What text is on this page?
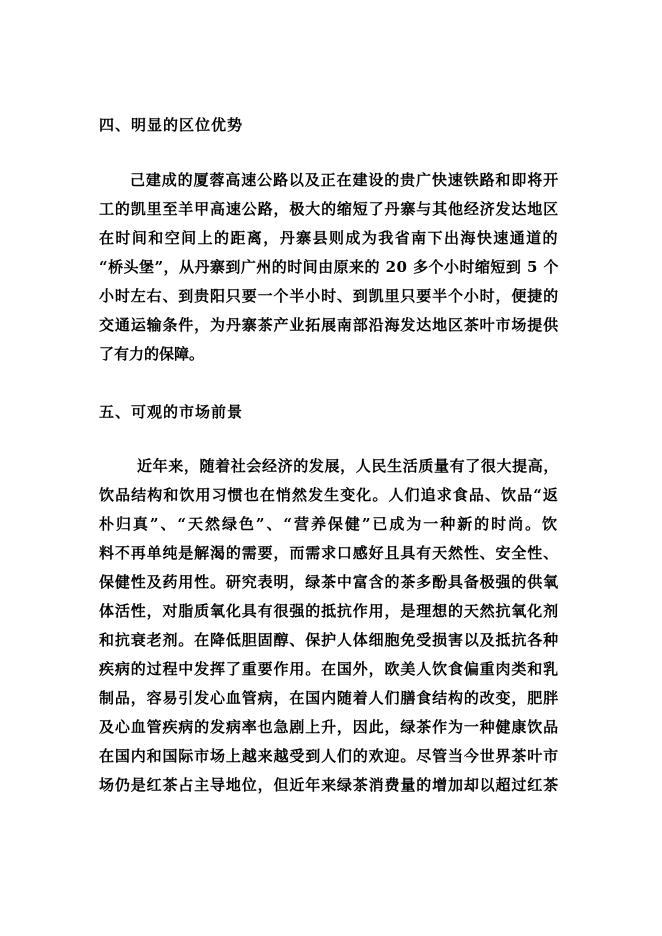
四、明显的区位优势

己建成的厦蓉高速公路以及正在建设的贵广快速铁路和即将开
工的凯里至羊甲高速公路，极大的缩短了丹寨与其他经济发达地区
在时间和空间上的距离，丹寨县则成为我省南下出海快速通道的
“桥头堡”，从丹寨到广州的时间由原来的 20 多个小时缩短到 5 个
小时左右、到贵阳只要一个半小时、到凯里只要半个小时，便捷的
交通运输条件，为丹寨茶产业拓展南部沿海发达地区茶叶市场提供
了有力的保障。

五、可观的市场前景

近年来，随着社会经济的发展，人民生活质量有了很大提高，
饮品结构和饮用习惯也在悄然发生变化。人们追求食品、饮品“返
朴归真”、“天然绿色”、“营养保健”已成为一种新的时尚。饮
料不再单纯是解渴的需要，而需求口感好且具有天然性、安全性、
保健性及药用性。研究表明，绿茶中富含的茶多酚具备极强的供氧
体活性，对脂质氧化具有很强的抵抗作用，是理想的天然抗氧化剂
和抗衰老剂。在降低胆固醇、保护人体细胞免受损害以及抵抗各种
疾病的过程中发挥了重要作用。在国外，欧美人饮食偏重肉类和乳
制品，容易引发心血管病，在国内随着人们膳食结构的改变，肥胖
及心血管疾病的发病率也急剧上升，因此，绿茶作为一种健康饮品
在国内和国际市场上越来越受到人们的欢迎。尽管当今世界茶叶市
场仍是红茶占主导地位，但近年来绿茶消费量的增加却以超过红茶
